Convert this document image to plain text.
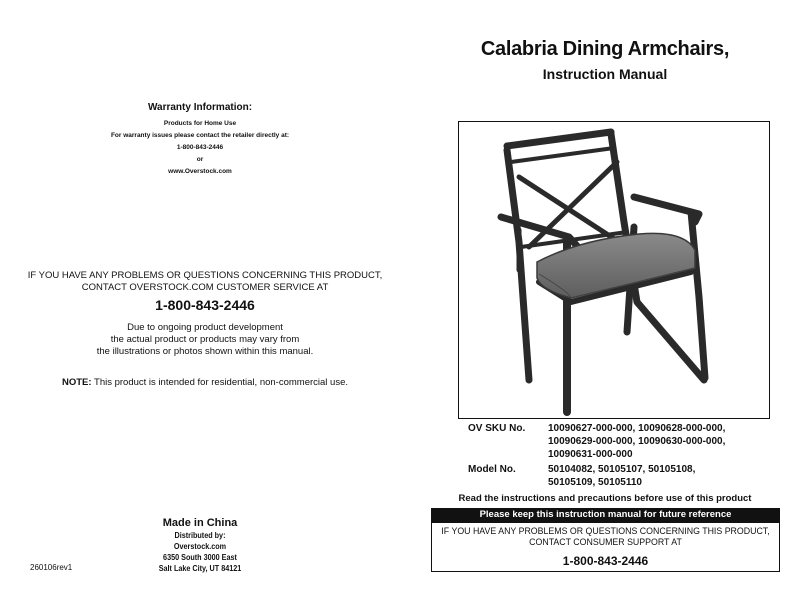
Warranty Information:
Products for Home Use
For warranty issues please contact the retailer directly at:
1-800-843-2446
or
www.Overstock.com
IF YOU HAVE ANY PROBLEMS OR QUESTIONS CONCERNING THIS PRODUCT,
CONTACT OVERSTOCK.COM CUSTOMER SERVICE AT
1-800-843-2446
Due to ongoing product development
the actual product or products may vary from
the illustrations or photos shown within this manual.
NOTE: This product is intended for residential, non-commercial use.
Made in China
Distributed by:
Overstock.com
6350 South 3000 East
Salt Lake City, UT 84121
260106rev1
Calabria Dining Armchairs,
Instruction Manual
OV SKU No.	10090627-000-000, 10090628-000-000,
10090629-000-000, 10090630-000-000,
10090631-000-000
Model No.	50104082, 50105107, 50105108,
50105109, 50105110
Read the instructions and precautions before use of this product
Please keep this instruction manual for future reference
IF YOU HAVE ANY PROBLEMS OR QUESTIONS CONCERNING THIS PRODUCT,
CONTACT CONSUMER SUPPORT AT
1-800-843-2446
